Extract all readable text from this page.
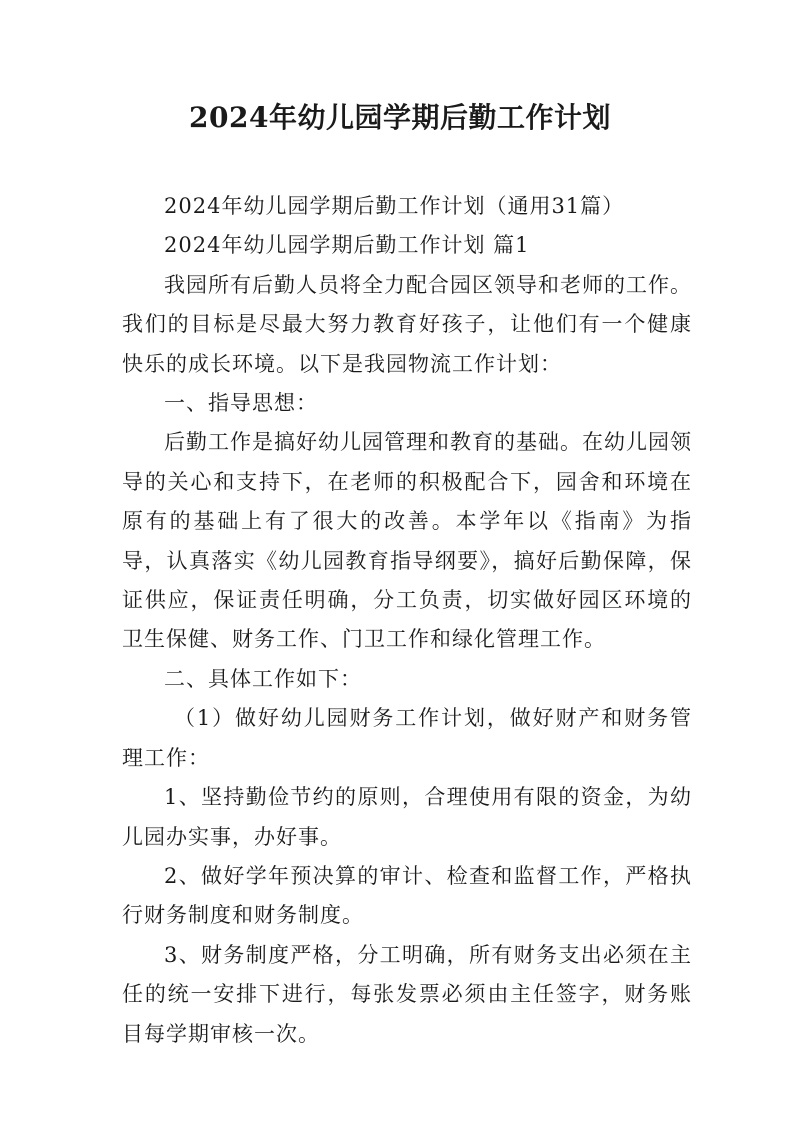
2024年幼儿园学期后勤工作计划

2024年幼儿园学期后勤工作计划（通用31篇）

2024年幼儿园学期后勤工作计划 篇1

我园所有后勤人员将全力配合园区领导和老师的工作。我们的目标是尽最大努力教育好孩子，让他们有一个健康快乐的成长环境。以下是我园物流工作计划：

一、指导思想：

后勤工作是搞好幼儿园管理和教育的基础。在幼儿园领导的关心和支持下，在老师的积极配合下，园舍和环境在原有的基础上有了很大的改善。本学年以《指南》为指导，认真落实《幼儿园教育指导纲要》，搞好后勤保障，保证供应，保证责任明确，分工负责，切实做好园区环境的卫生保健、财务工作、门卫工作和绿化管理工作。

二、具体工作如下：

（1）做好幼儿园财务工作计划，做好财产和财务管理工作：

1、坚持勤俭节约的原则，合理使用有限的资金，为幼儿园办实事，办好事。

2、做好学年预决算的审计、检查和监督工作，严格执行财务制度和财务制度。

3、财务制度严格，分工明确，所有财务支出必须在主任的统一安排下进行，每张发票必须由主任签字，财务账目每学期审核一次。
